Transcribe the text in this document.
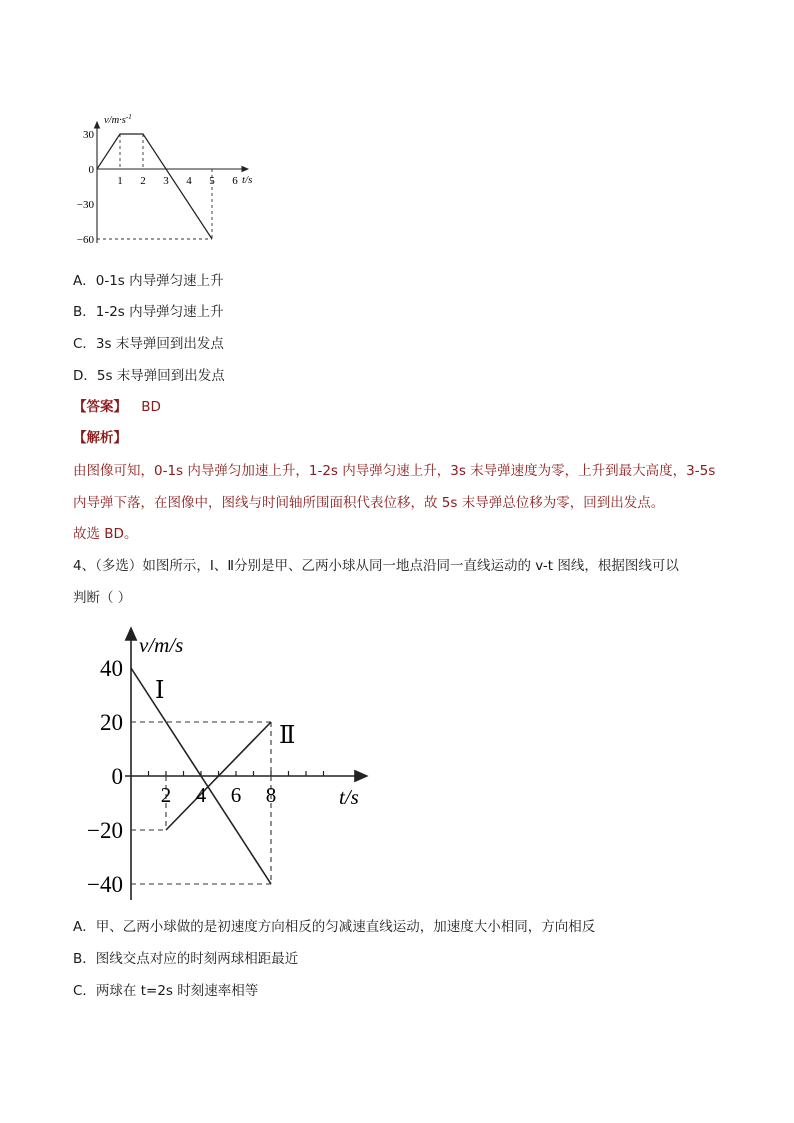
$v/m\cdot s^{-1}$
t/s
30
0
−30
−60
1 2 3 4 5 6
A．0-1s 内导弹匀速上升
B．1-2s 内导弹匀速上升
C．3s 末导弹回到出发点
D．5s 末导弹回到出发点
【答案】 BD
【解析】
由图像可知，0-1s 内导弹匀加速上升，1-2s 内导弹匀速上升，3s 末导弹速度为零，上升到最大高度，3-5s
内导弹下落，在图像中，图线与时间轴所围面积代表位移，故 5s 末导弹总位移为零，回到出发点。
故选 BD。
4、（多选）如图所示，Ⅰ、Ⅱ分别是甲、乙两小球从同一地点沿同一直线运动的 v-t 图线，根据图线可以
判断（ ）
v/m/s
t/s
Ⅰ
Ⅱ
40
20
0
−20
−40
2 4 6 8
A．甲、乙两小球做的是初速度方向相反的匀减速直线运动，加速度大小相同，方向相反
B．图线交点对应的时刻两球相距最近
C．两球在 t=2s 时刻速率相等
